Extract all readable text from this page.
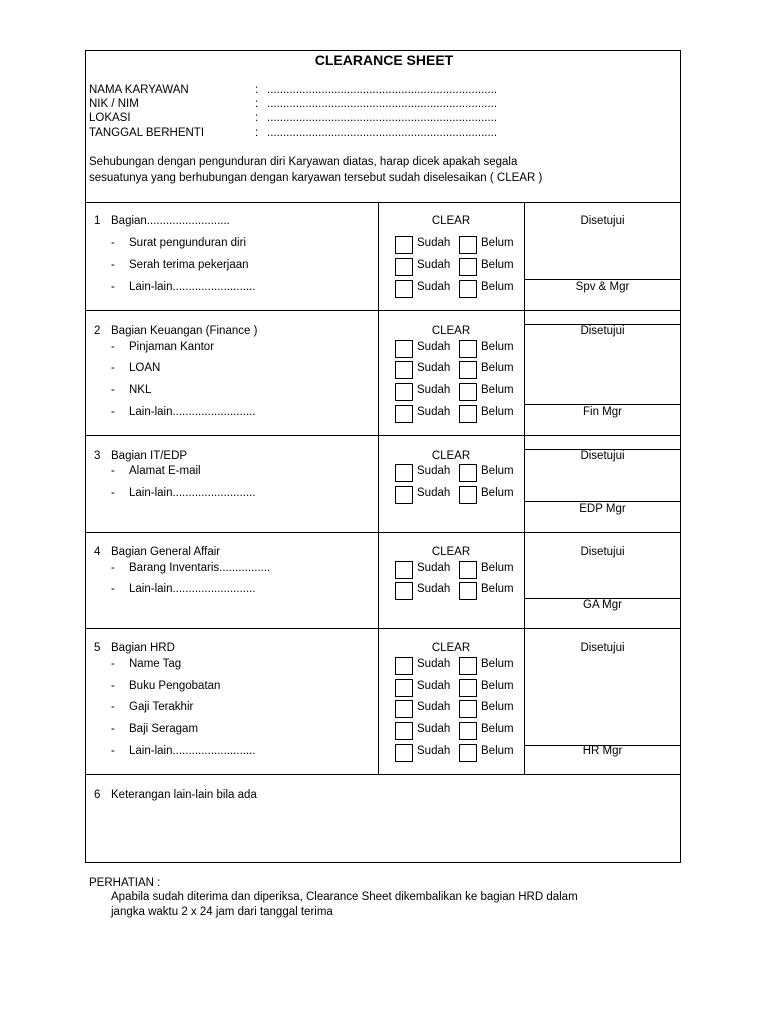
CLEARANCE SHEET
NAMA KARYAWAN	: ........................................................................
NIK / NIM	: ........................................................................
LOKASI	: ........................................................................
TANGGAL BERHENTI	: ........................................................................
Sehubungan dengan pengunduran diri Karyawan diatas, harap dicek apakah segala
sesuatunya yang berhubungan dengan karyawan tersebut sudah diselesaikan ( CLEAR )
1 Bagian..........................	CLEAR	Disetujui
Spv & Mgr
- Surat pengunduran diri	Sudah	Belum
- Serah terima pekerjaan	Sudah	Belum
- Lain-lain..........................	Sudah	Belum
2 Bagian Keuangan (Finance )	CLEAR	Disetujui
Fin Mgr
- Pinjaman Kantor	Sudah	Belum
- LOAN	Sudah	Belum
- NKL	Sudah	Belum
- Lain-lain..........................	Sudah	Belum
3 Bagian IT/EDP	CLEAR	Disetujui
EDP Mgr
- Alamat E-mail	Sudah	Belum
- Lain-lain..........................	Sudah	Belum
4 Bagian General Affair	CLEAR	Disetujui
GA Mgr
- Barang Inventaris................	Sudah	Belum
- Lain-lain..........................	Sudah	Belum
5 Bagian HRD	CLEAR	Disetujui
HR Mgr
- Name Tag	Sudah	Belum
- Buku Pengobatan	Sudah	Belum
- Gaji Terakhir	Sudah	Belum
- Baji Seragam	Sudah	Belum
- Lain-lain..........................	Sudah	Belum
6 Keterangan lain-lain bila ada
PERHATIAN :
Apabila sudah diterima dan diperiksa, Clearance Sheet dikembalikan ke bagian HRD dalam
jangka waktu 2 x 24 jam dari tanggal terima
